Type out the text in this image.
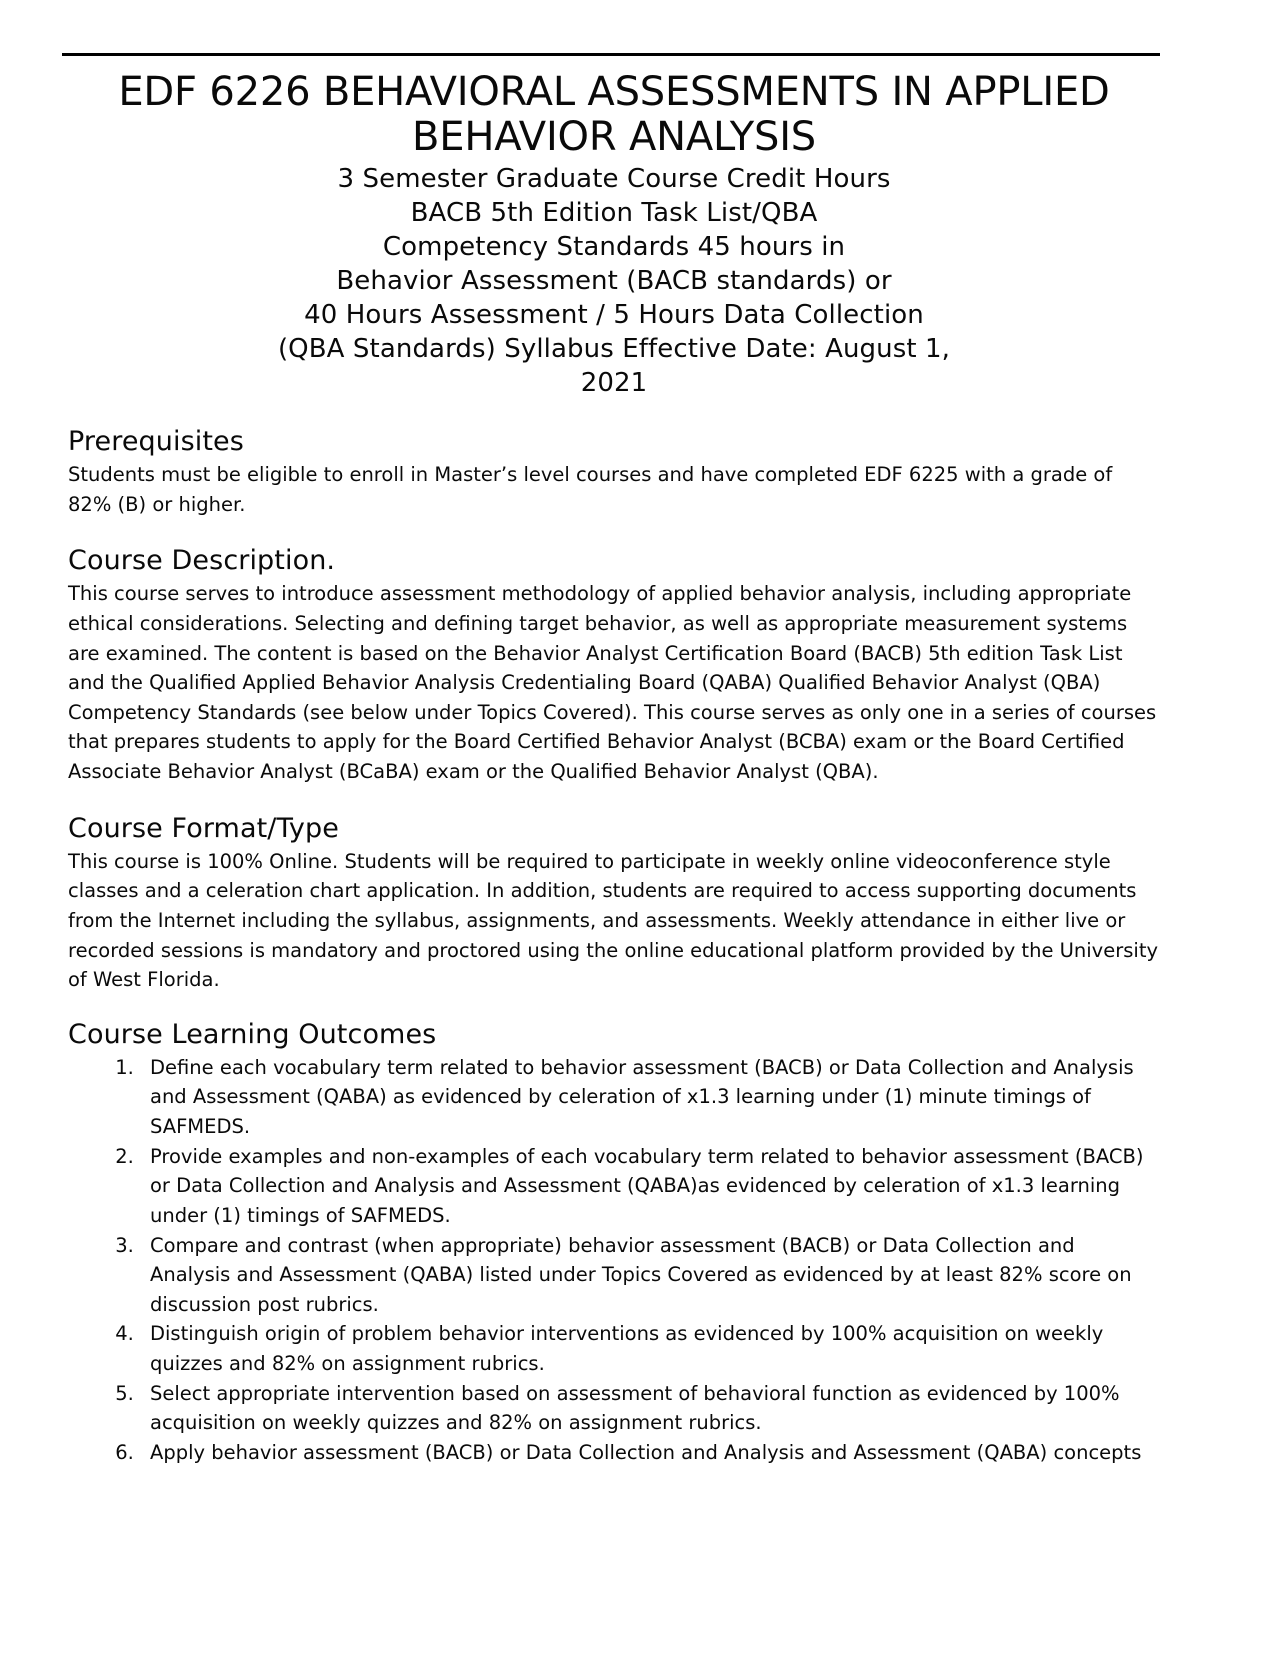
EDF 6226 BEHAVIORAL ASSESSMENTS IN APPLIED BEHAVIOR ANALYSIS
3 Semester Graduate Course Credit Hours
BACB 5th Edition Task List/QBA
Competency Standards 45 hours in
Behavior Assessment (BACB standards) or
40 Hours Assessment / 5 Hours Data Collection
(QBA Standards) Syllabus Effective Date: August 1,
2021
Prerequisites

Students must be eligible to enroll in Master’s level courses and have completed EDF 6225 with a grade of 82% (B) or higher.

Course Description.

This course serves to introduce assessment methodology of applied behavior analysis, including appropriate ethical considerations. Selecting and defining target behavior, as well as appropriate measurement systems are examined. The content is based on the Behavior Analyst Certification Board (BACB) 5th edition Task List and the Qualified Applied Behavior Analysis Credentialing Board (QABA) Qualified Behavior Analyst (QBA) Competency Standards (see below under Topics Covered). This course serves as only one in a series of courses that prepares students to apply for the Board Certified Behavior Analyst (BCBA) exam or the Board Certified Associate Behavior Analyst (BCaBA) exam or the Qualified Behavior Analyst (QBA).

Course Format/Type

This course is 100% Online. Students will be required to participate in weekly online videoconference style classes and a celeration chart application. In addition, students are required to access supporting documents from the Internet including the syllabus, assignments, and assessments. Weekly attendance in either live or recorded sessions is mandatory and proctored using the online educational platform provided by the University of West Florida.

Course Learning Outcomes
1. Define each vocabulary term related to behavior assessment (BACB) or Data Collection and Analysis and Assessment (QABA) as evidenced by celeration of x1.3 learning under (1) minute timings of SAFMEDS.
2. Provide examples and non-examples of each vocabulary term related to behavior assessment (BACB) or Data Collection and Analysis and Assessment (QABA)as evidenced by celeration of x1.3 learning under (1) timings of SAFMEDS.
3. Compare and contrast (when appropriate) behavior assessment (BACB) or Data Collection and Analysis and Assessment (QABA) listed under Topics Covered as evidenced by at least 82% score on discussion post rubrics.
4. Distinguish origin of problem behavior interventions as evidenced by 100% acquisition on weekly quizzes and 82% on assignment rubrics.
5. Select appropriate intervention based on assessment of behavioral function as evidenced by 100% acquisition on weekly quizzes and 82% on assignment rubrics.
6. Apply behavior assessment (BACB) or Data Collection and Analysis and Assessment (QABA) concepts
